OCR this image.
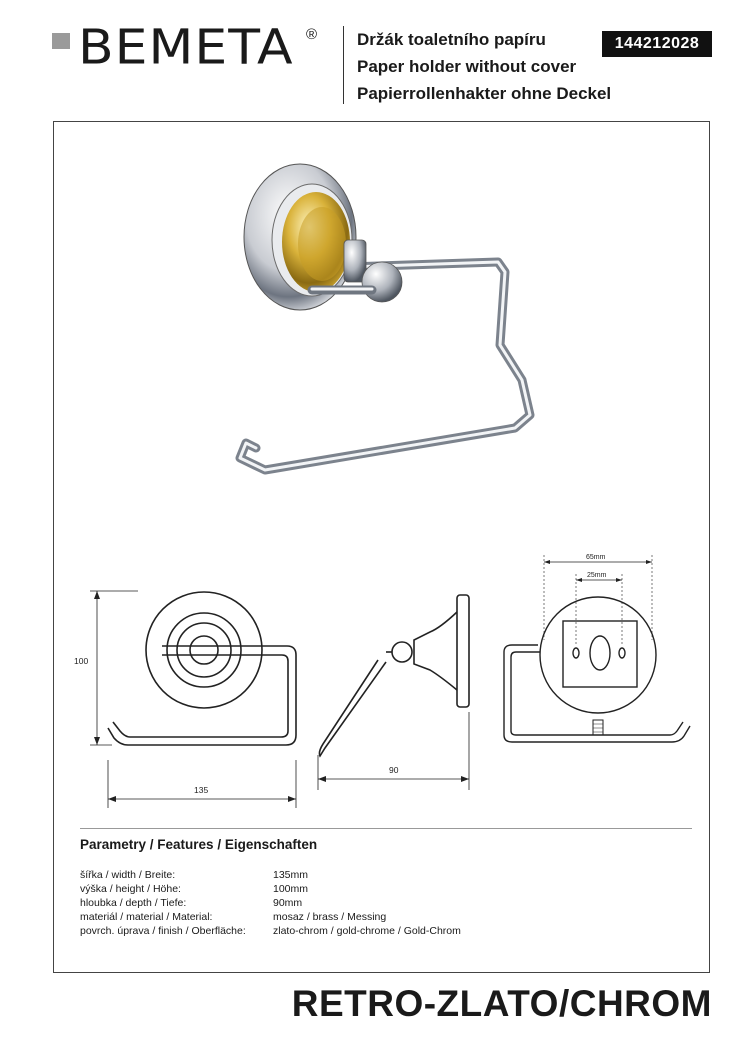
BEMETA ® Držák toaletního papíru
Paper holder without cover
Papierrollenhakter ohne Deckel
144212028
100
135
90
65mm
25mm
Parametry / Features / Eigenschaften
šířka / width / Breite:	135mm
výška / height / Höhe:	100mm
hloubka / depth / Tiefe:	90mm
materiál / material / Material:	mosaz / brass / Messing
povrch. úprava / finish / Oberfläche:	zlato-chrom / gold-chrome / Gold-Chrom
RETRO-ZLATO/CHROM
